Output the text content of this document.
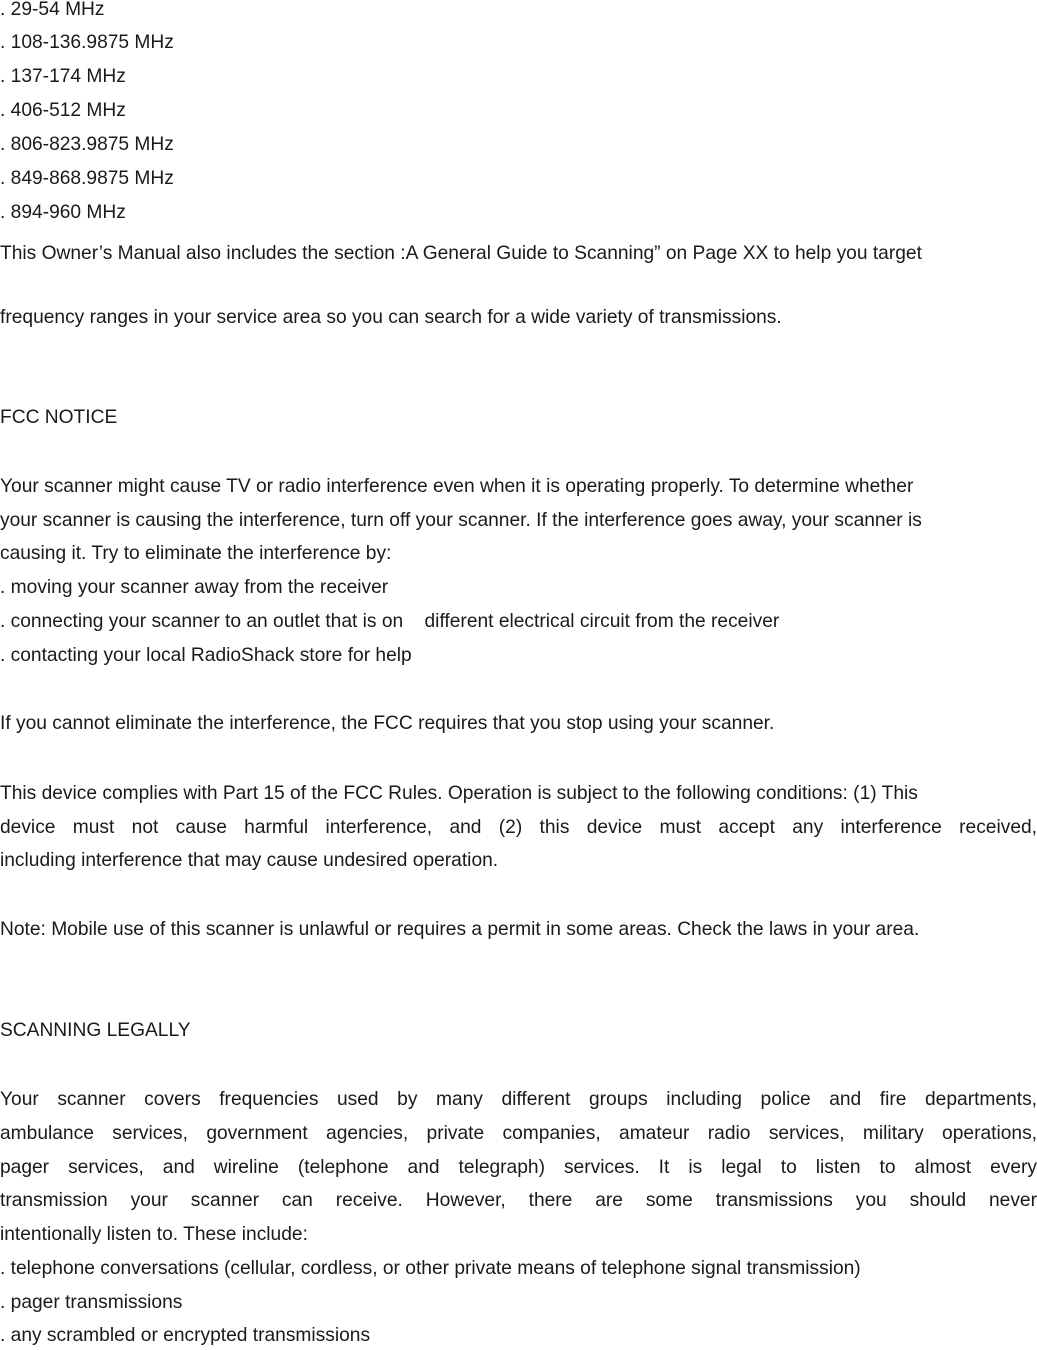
. 29-54 MHz
. 108-136.9875 MHz
. 137-174 MHz
. 406-512 MHz
. 806-823.9875 MHz
. 849-868.9875 MHz
. 894-960 MHz
This Owner’s Manual also includes the section :A General Guide to Scanning” on Page XX to help you target
frequency ranges in your service area so you can search for a wide variety of transmissions.
FCC NOTICE
Your scanner might cause TV or radio interference even when it is operating properly. To determine whether
your scanner is causing the interference, turn off your scanner. If the interference goes away, your scanner is
causing it. Try to eliminate the interference by:
. moving your scanner away from the receiver
. connecting your scanner to an outlet that is on    different electrical circuit from the receiver
. contacting your local RadioShack store for help
If you cannot eliminate the interference, the FCC requires that you stop using your scanner.
This device complies with Part 15 of the FCC Rules. Operation is subject to the following conditions: (1) This
device must not cause harmful interference, and (2) this device must accept any interference received,
including interference that may cause undesired operation.
Note: Mobile use of this scanner is unlawful or requires a permit in some areas. Check the laws in your area.
SCANNING LEGALLY
Your scanner covers frequencies used by many different groups including police and fire departments,
ambulance services, government agencies, private companies, amateur radio services, military operations,
pager services, and wireline (telephone and telegraph) services. It is legal to listen to almost every
transmission your scanner can receive. However, there are some transmissions you should never
intentionally listen to. These include:
. telephone conversations (cellular, cordless, or other private means of telephone signal transmission)
. pager transmissions
. any scrambled or encrypted transmissions
